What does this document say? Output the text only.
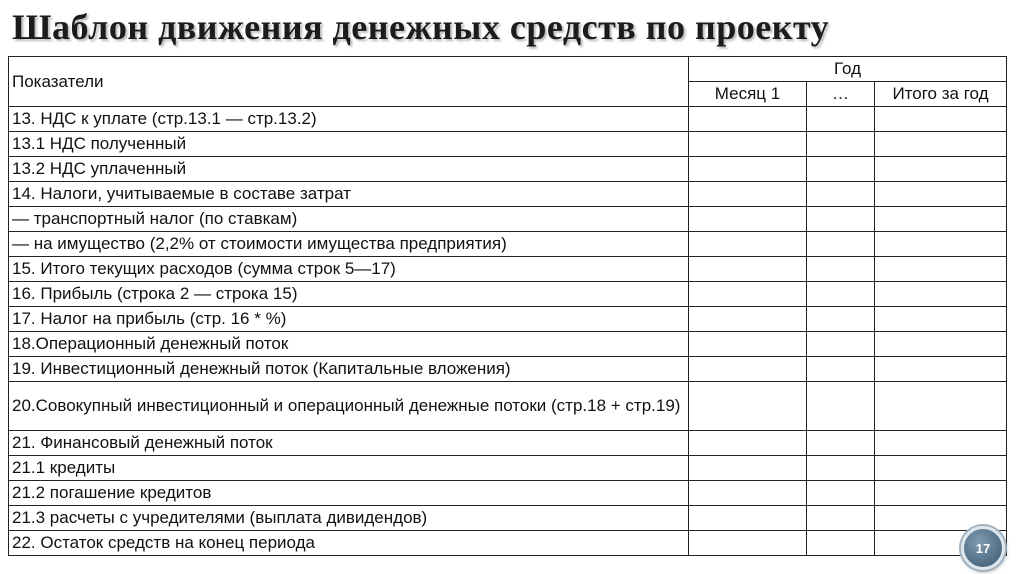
Шаблон движения денежных средств по проекту
Показатели	Год		
	Месяц 1	…	Итого за год
13. НДС к уплате (стр.13.1 — стр.13.2)			
13.1 НДС полученный			
13.2 НДС уплаченный			
14. Налоги, учитываемые в составе затрат			
— транспортный налог (по ставкам)			
— на имущество (2,2% от стоимости имущества предприятия)			
15. Итого текущих расходов (сумма строк 5—17)			
16. Прибыль (строка 2 — строка 15)			
17. Налог на прибыль (стр. 16 * %)			
18.Операционный денежный поток			
19. Инвестиционный денежный поток (Капитальные вложения)			
20.Совокупный инвестиционный и операционный денежные потоки (стр.18 + стр.19)			
21. Финансовый денежный поток			
21.1 кредиты			
21.2 погашение кредитов			
21.3 расчеты с учредителями (выплата дивидендов)			
22. Остаток средств на конец периода				17
